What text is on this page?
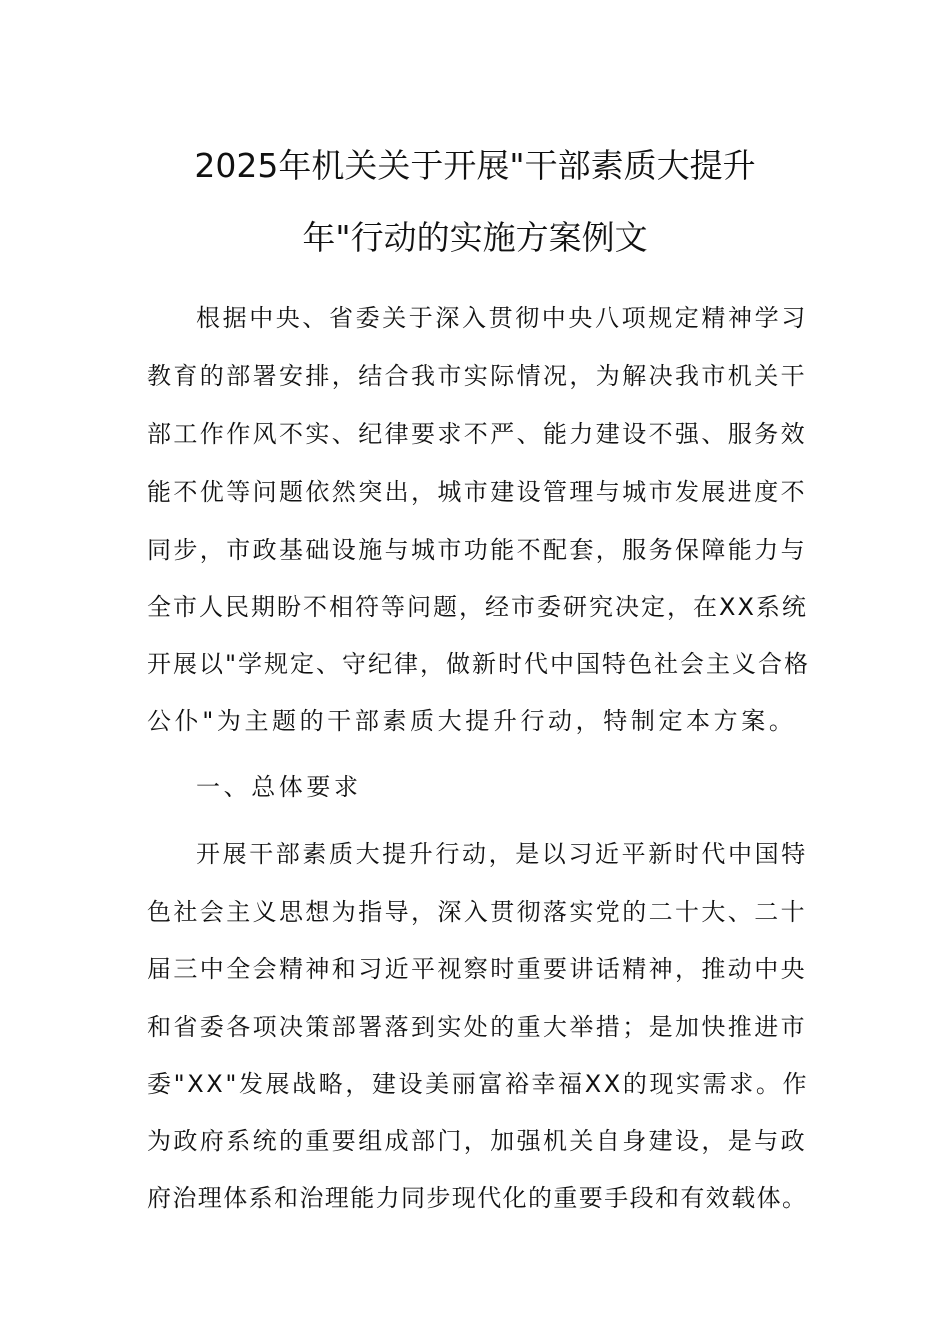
2025年机关关于开展"干部素质大提升
年"行动的实施方案例文
根据中央、省委关于深入贯彻中央八项规定精神学习
教育的部署安排，结合我市实际情况，为解决我市机关干
部工作作风不实、纪律要求不严、能力建设不强、服务效
能不优等问题依然突出，城市建设管理与城市发展进度不
同步，市政基础设施与城市功能不配套，服务保障能力与
全市人民期盼不相符等问题，经市委研究决定，在XX系统
开展以"学规定、守纪律，做新时代中国特色社会主义合格
公仆"为主题的干部素质大提升行动，特制定本方案。
一、总体要求
开展干部素质大提升行动，是以习近平新时代中国特
色社会主义思想为指导，深入贯彻落实党的二十大、二十
届三中全会精神和习近平视察时重要讲话精神，推动中央
和省委各项决策部署落到实处的重大举措；是加快推进市
委"XX"发展战略，建设美丽富裕幸福XX的现实需求。作
为政府系统的重要组成部门，加强机关自身建设，是与政
府治理体系和治理能力同步现代化的重要手段和有效载体。
